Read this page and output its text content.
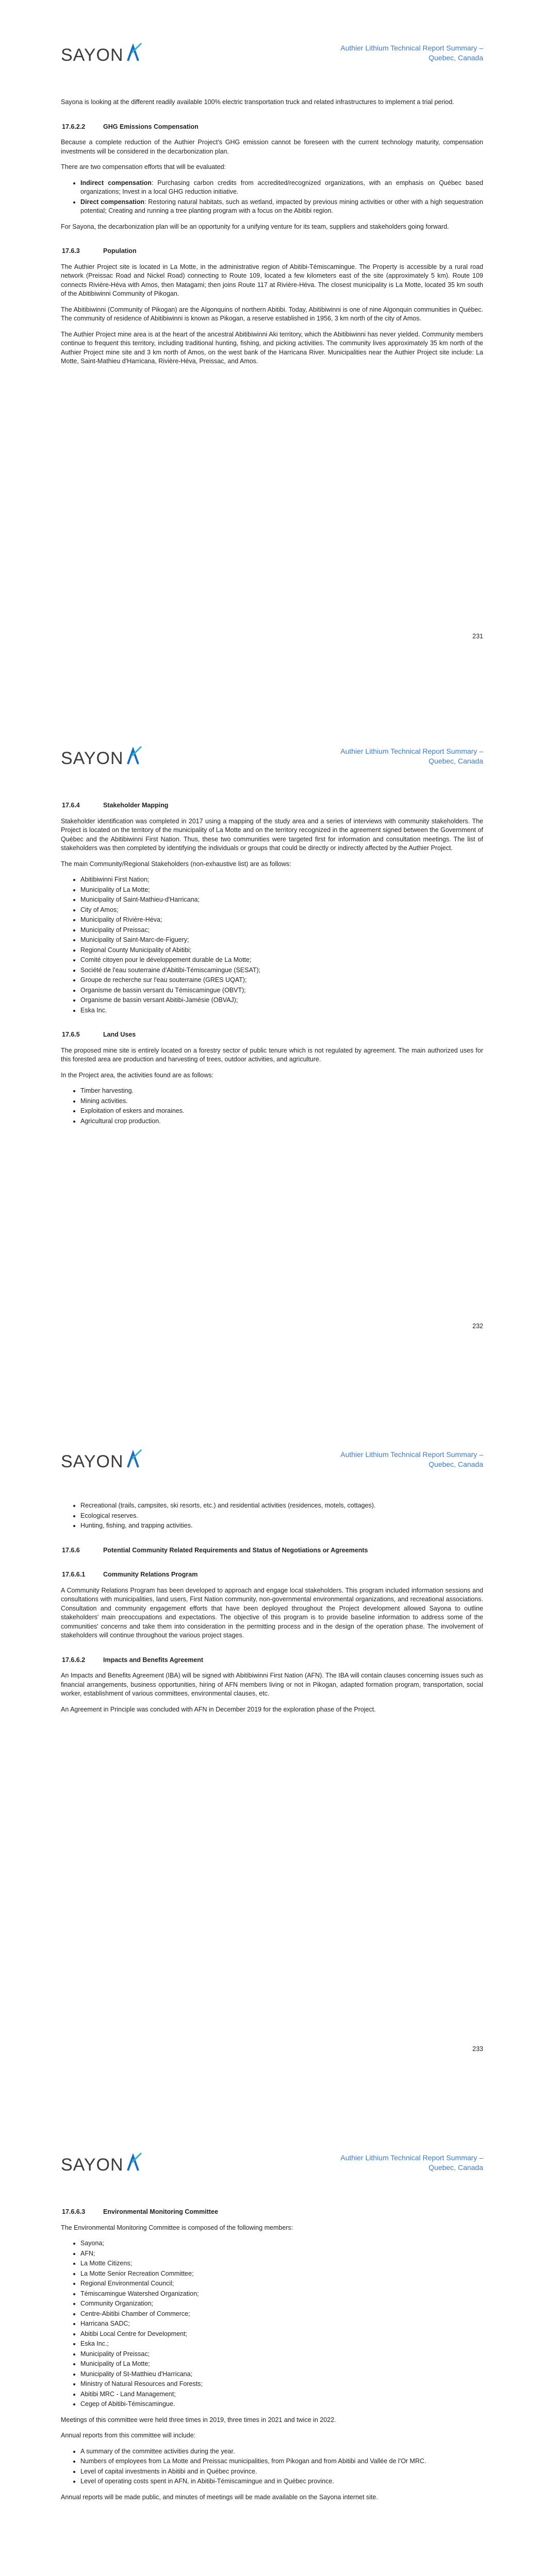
SAYON	Authier Lithium Technical Report Summary –
Quebec, Canada

Sayona is looking at the different readily available 100% electric transportation truck and related infrastructures to implement a trial period.

17.6.2.2	GHG Emissions Compensation

Because a complete reduction of the Authier Project's GHG emission cannot be foreseen with the current technology maturity, compensation investments will be considered in the decarbonization plan.

There are two compensation efforts that will be evaluated:

• Indirect compensation: Purchasing carbon credits from accredited/recognized organizations, with an emphasis on Québec based organizations; Invest in a local GHG reduction initiative.
• Direct compensation: Restoring natural habitats, such as wetland, impacted by previous mining activities or other with a high sequestration potential; Creating and running a tree planting program with a focus on the Abitibi region.

For Sayona, the decarbonization plan will be an opportunity for a unifying venture for its team, suppliers and stakeholders going forward.

17.6.3	Population

The Authier Project site is located in La Motte, in the administrative region of Abitibi-Témiscamingue. The Property is accessible by a rural road network (Preissac Road and Nickel Road) connecting to Route 109, located a few kilometers east of the site (approximately 5 km). Route 109 connects Rivière-Héva with Amos, then Matagami; then joins Route 117 at Rivière-Héva. The closest municipality is La Motte, located 35 km south of the Abitibiwinni Community of Pikogan.

The Abitibiwinni (Community of Pikogan) are the Algonquins of northern Abitibi. Today, Abitibiwinni is one of nine Algonquin communities in Québec. The community of residence of Abitibiwinni is known as Pikogan, a reserve established in 1956, 3 km north of the city of Amos.

The Authier Project mine area is at the heart of the ancestral Abitibiwinni Aki territory, which the Abitibiwinni has never yielded. Community members continue to frequent this territory, including traditional hunting, fishing, and picking activities. The community lives approximately 35 km north of the Authier Project mine site and 3 km north of Amos, on the west bank of the Harricana River. Municipalities near the Authier Project site include: La Motte, Saint-Mathieu d'Harricana, Rivière-Héva, Preissac, and Amos.

231
SAYON	Authier Lithium Technical Report Summary –
Quebec, Canada
17.6.4	Stakeholder Mapping

Stakeholder identification was completed in 2017 using a mapping of the study area and a series of interviews with community stakeholders. The Project is located on the territory of the municipality of La Motte and on the territory recognized in the agreement signed between the Government of Québec and the Abitibiwinni First Nation. Thus, these two communities were targeted first for information and consultation meetings. The list of stakeholders was then completed by identifying the individuals or groups that could be directly or indirectly affected by the Authier Project.

The main Community/Regional Stakeholders (non-exhaustive list) are as follows:

• Abitibiwinni First Nation;
• Municipality of La Motte;
• Municipality of Saint-Mathieu-d'Harricana;
• City of Amos;
• Municipality of Rivière-Héva;
• Municipality of Preissac;
• Municipality of Saint-Marc-de-Figuery;
• Regional County Municipality of Abitibi;
• Comité citoyen pour le développement durable de La Motte;
• Société de l'eau souterraine d'Abitibi-Témiscamingue (SESAT);
• Groupe de recherche sur l'eau souterraine (GRES UQAT);
• Organisme de bassin versant du Témiscamingue (OBVT);
• Organisme de bassin versant Abitibi-Jamésie (OBVAJ);
• Eska Inc.
17.6.5	Land Uses

The proposed mine site is entirely located on a forestry sector of public tenure which is not regulated by agreement. The main authorized uses for this forested area are production and harvesting of trees, outdoor activities, and agriculture.

In the Project area, the activities found are as follows:

• Timber harvesting.
• Mining activities.
• Exploitation of eskers and moraines.
• Agricultural crop production.
232
SAYON	Authier Lithium Technical Report Summary –
Quebec, Canada
• Recreational (trails, campsites, ski resorts, etc.) and residential activities (residences, motels, cottages).
• Ecological reserves.
• Hunting, fishing, and trapping activities.
17.6.6	Potential Community Related Requirements and Status of Negotiations or Agreements
17.6.6.1	Community Relations Program

A Community Relations Program has been developed to approach and engage local stakeholders. This program included information sessions and consultations with municipalities, land users, First Nation community, non-governmental environmental organizations, and recreational associations. Consultation and community engagement efforts that have been deployed throughout the Project development allowed Sayona to outline stakeholders' main preoccupations and expectations. The objective of this program is to provide baseline information to address some of the communities' concerns and take them into consideration in the permitting process and in the design of the operation phase. The involvement of stakeholders will continue throughout the various project stages.

17.6.6.2	Impacts and Benefits Agreement

An Impacts and Benefits Agreement (IBA) will be signed with Abitibiwinni First Nation (AFN). The IBA will contain clauses concerning issues such as financial arrangements, business opportunities, hiring of AFN members living or not in Pikogan, adapted formation program, transportation, social worker, establishment of various committees, environmental clauses, etc.

An Agreement in Principle was concluded with AFN in December 2019 for the exploration phase of the Project.

233
SAYON	Authier Lithium Technical Report Summary –
Quebec, Canada
17.6.6.3	Environmental Monitoring Committee

The Environmental Monitoring Committee is composed of the following members:

• Sayona;
• AFN;
• La Motte Citizens;
• La Motte Senior Recreation Committee;
• Regional Environmental Council;
• Témiscamingue Watershed Organization;
• Community Organization;
• Centre-Abitibi Chamber of Commerce;
• Harricana SADC;
• Abitibi Local Centre for Development;
• Eska Inc.;
• Municipality of Preissac;
• Municipality of La Motte;
• Municipality of St-Matthieu d'Harricana;
• Ministry of Natural Resources and Forests;
• Abitibi MRC - Land Management;
• Cegep of Abitibi-Témiscamingue.

Meetings of this committee were held three times in 2019, three times in 2021 and twice in 2022.

Annual reports from this committee will include:

• A summary of the committee activities during the year.
• Numbers of employees from La Motte and Preissac municipalities, from Pikogan and from Abitibi and Vallée de l'Or MRC.
• Level of capital investments in Abitibi and in Québec province.
• Level of operating costs spent in AFN, in Abitibi-Témiscamingue and in Québec province.

Annual reports will be made public, and minutes of meetings will be made available on the Sayona internet site.
